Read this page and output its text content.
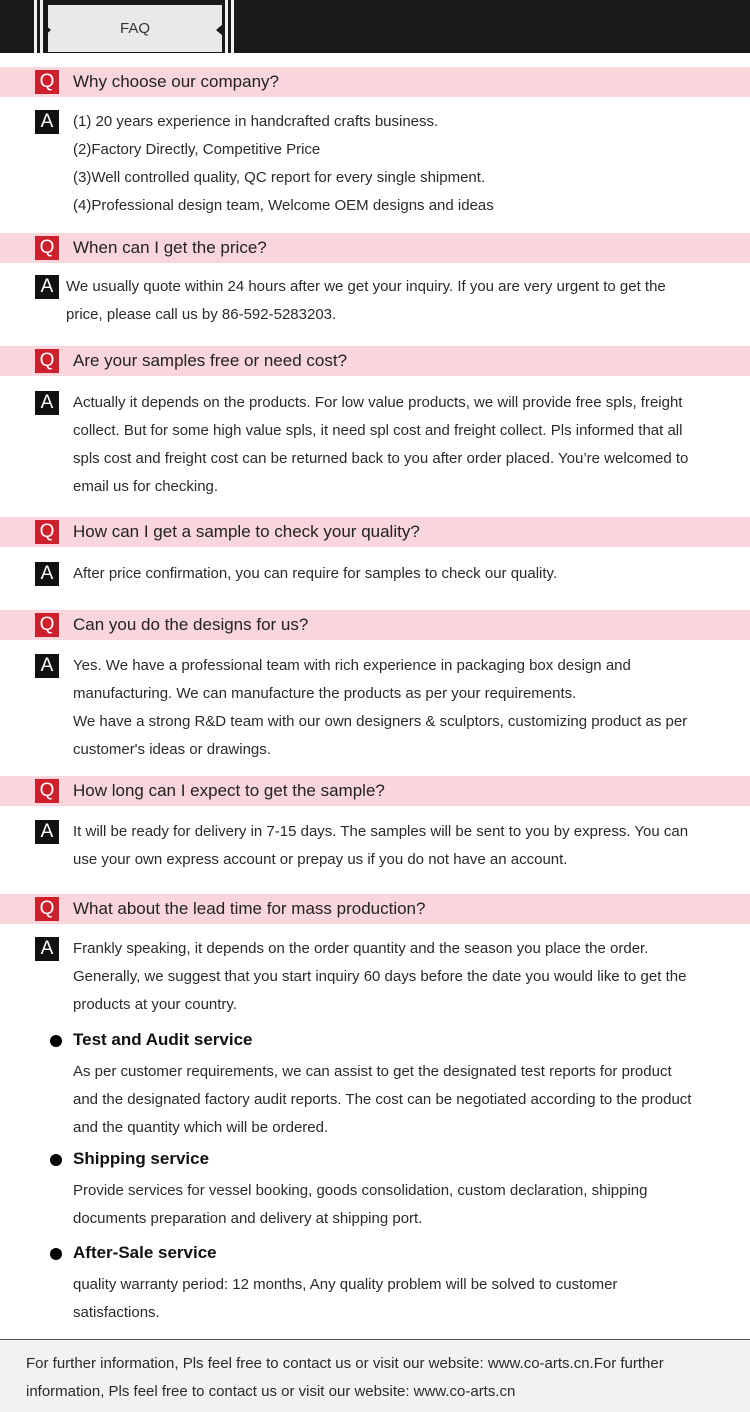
FAQ
Q Why choose our company?
A	(1) 20 years experience in handcrafted crafts business.
(2)Factory Directly, Competitive Price
(3)Well controlled quality, QC report for every single shipment.
(4)Professional design team, Welcome OEM designs and ideas
Q When can I get the price?
A We usually quote within 24 hours after we get your inquiry. If you are very urgent to get the
price, please call us by 86-592-5283203.
Q Are your samples free or need cost?
A	Actually it depends on the products. For low value products, we will provide free spls, freight
collect. But for some high value spls, it need spl cost and freight collect. Pls informed that all
spls cost and freight cost can be returned back to you after order placed. You’re welcomed to
email us for checking.
Q How can I get a sample to check your quality?
A	After price confirmation, you can require for samples to check our quality.
Q Can you do the designs for us?
A	Yes. We have a professional team with rich experience in packaging box design and
manufacturing. We can manufacture the products as per your requirements.
We have a strong R&D team with our own designers & sculptors, customizing product as per
customer's ideas or drawings.
Q How long can I expect to get the sample?
A	It will be ready for delivery in 7-15 days. The samples will be sent to you by express. You can
use your own express account or prepay us if you do not have an account.
Q What about the lead time for mass production?
A	Frankly speaking, it depends on the order quantity and the season you place the order.
Generally, we suggest that you start inquiry 60 days before the date you would like to get the
products at your country.
Test and Audit service
As per customer requirements, we can assist to get the designated test reports for product
and the designated factory audit reports. The cost can be negotiated according to the product
and the quantity which will be ordered.
Shipping service
Provide services for vessel booking, goods consolidation, custom declaration, shipping
documents preparation and delivery at shipping port.
After-Sale service
quality warranty period: 12 months, Any quality problem will be solved to customer
satisfactions.
For further information, Pls feel free to contact us or visit our website: www.co-arts.cn.For further
information, Pls feel free to contact us or visit our website: www.co-arts.cn
